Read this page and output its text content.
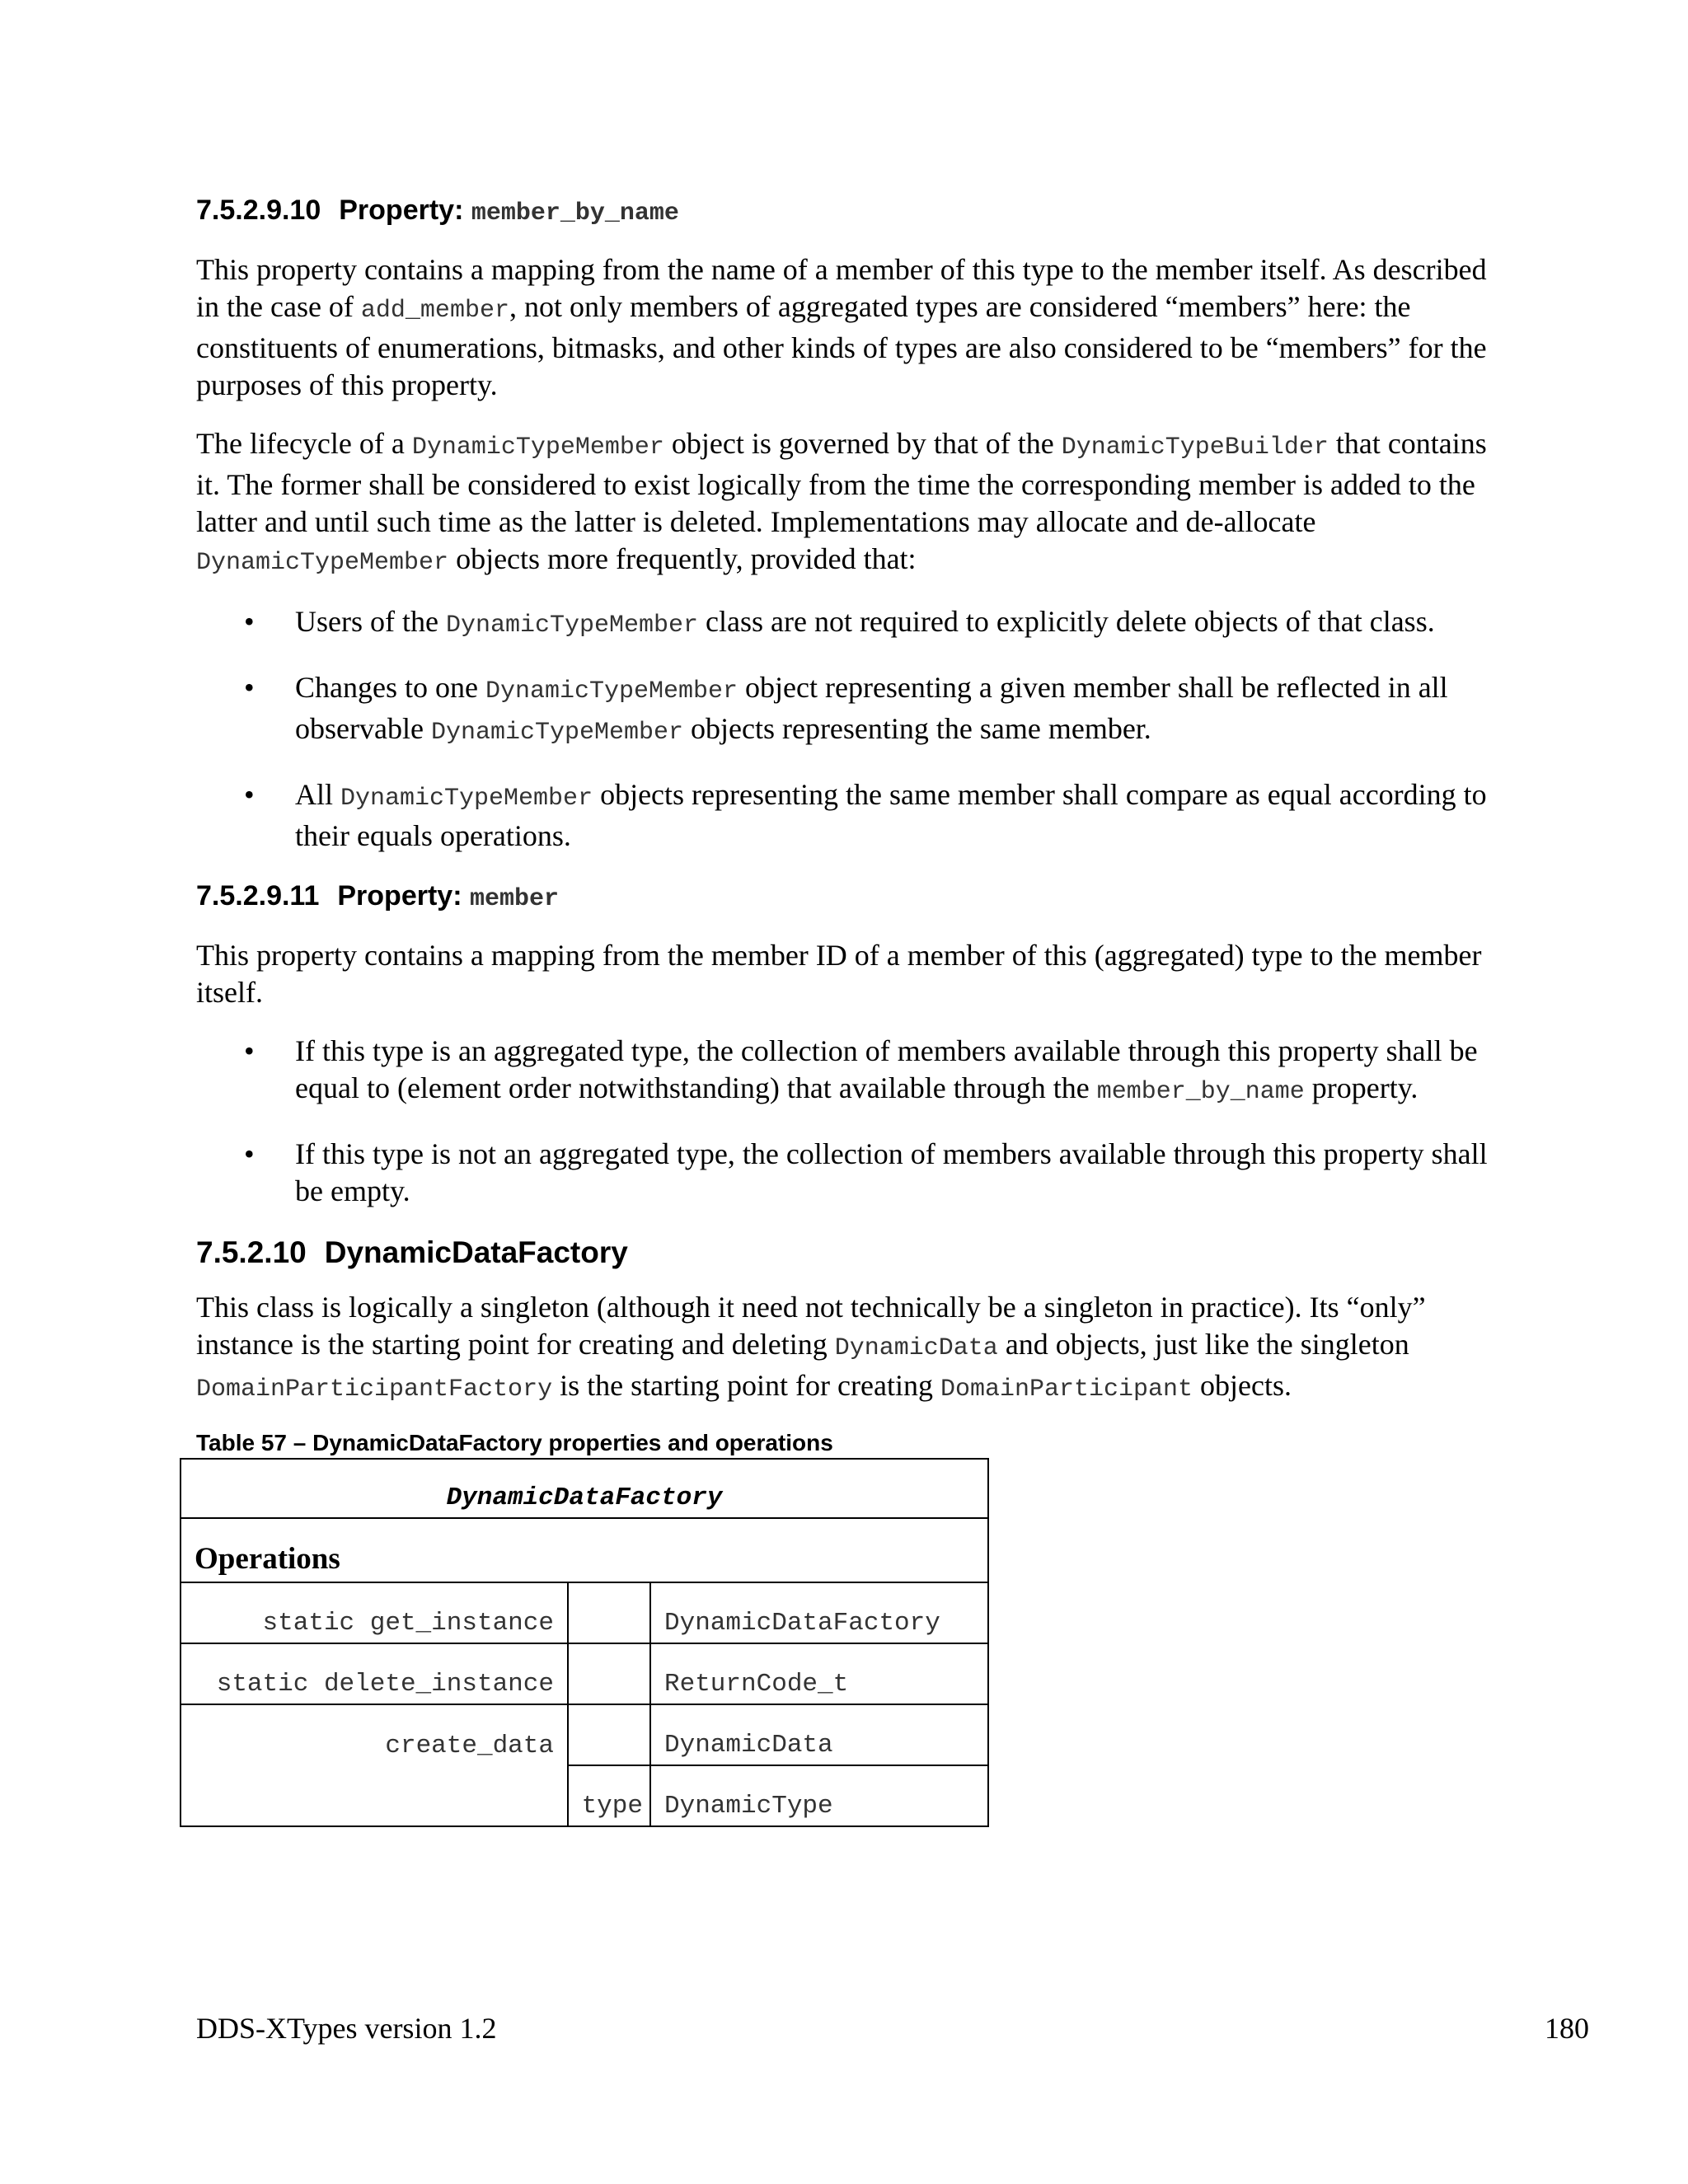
7.5.2.9.10 Property: member_by_name

This property contains a mapping from the name of a member of this type to the member itself. As described in the case of add_member, not only members of aggregated types are considered “members” here: the constituents of enumerations, bitmasks, and other kinds of types are also considered to be “members” for the purposes of this property.

The lifecycle of a DynamicTypeMember object is governed by that of the DynamicTypeBuilder that contains it. The former shall be considered to exist logically from the time the corresponding member is added to the latter and until such time as the latter is deleted. Implementations may allocate and de-allocate DynamicTypeMember objects more frequently, provided that:

• Users of the DynamicTypeMember class are not required to explicitly delete objects of that class.
• Changes to one DynamicTypeMember object representing a given member shall be reflected in all observable DynamicTypeMember objects representing the same member.
• All DynamicTypeMember objects representing the same member shall compare as equal according to their equals operations.
7.5.2.9.11 Property: member

This property contains a mapping from the member ID of a member of this (aggregated) type to the member itself.

• If this type is an aggregated type, the collection of members available through this property shall be equal to (element order notwithstanding) that available through the member_by_name property.
• If this type is not an aggregated type, the collection of members available through this property shall be empty.
7.5.2.10 DynamicDataFactory

This class is logically a singleton (although it need not technically be a singleton in practice). Its “only” instance is the starting point for creating and deleting DynamicData and objects, just like the singleton DomainParticipantFactory is the starting point for creating DomainParticipant objects.

Table 57 – DynamicDataFactory properties and operations
DynamicDataFactory		
Operations		
static get_instance		DynamicDataFactory
static delete_instance		ReturnCode_t
create_data		DynamicData
	type	DynamicType
DDS-XTypes version 1.2	180
